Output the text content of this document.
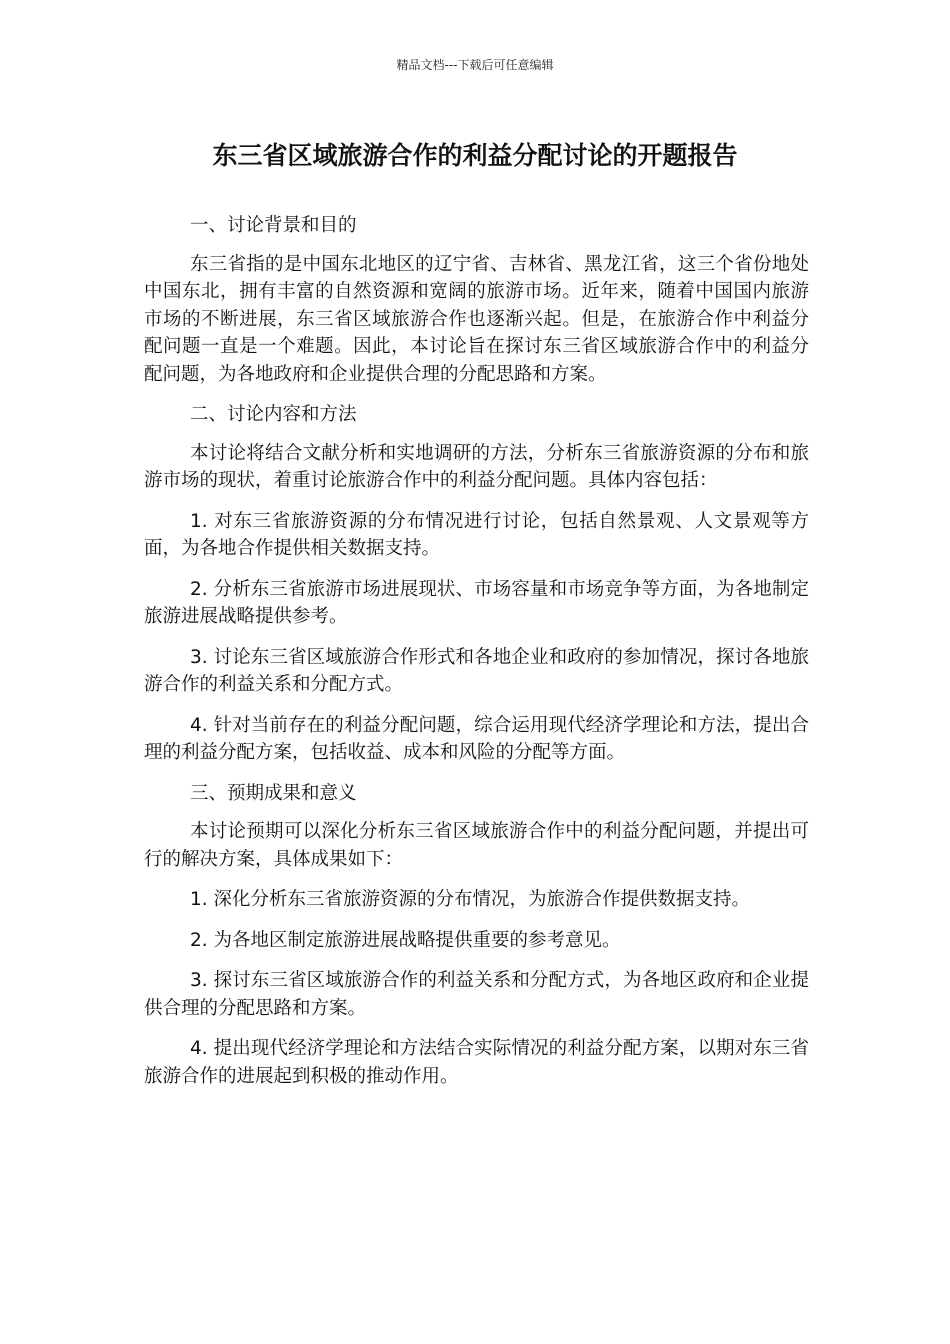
精品文档---下载后可任意编辑
东三省区域旅游合作的利益分配讨论的开题报告

一、讨论背景和目的

东三省指的是中国东北地区的辽宁省、吉林省、黑龙江省，这三个省份地处中国东北，拥有丰富的自然资源和宽阔的旅游市场。近年来，随着中国国内旅游市场的不断进展，东三省区域旅游合作也逐渐兴起。但是，在旅游合作中利益分配问题一直是一个难题。因此，本讨论旨在探讨东三省区域旅游合作中的利益分配问题，为各地政府和企业提供合理的分配思路和方案。

二、讨论内容和方法

本讨论将结合文献分析和实地调研的方法，分析东三省旅游资源的分布和旅游市场的现状，着重讨论旅游合作中的利益分配问题。具体内容包括：

1. 对东三省旅游资源的分布情况进行讨论，包括自然景观、人文景观等方面，为各地合作提供相关数据支持。

2. 分析东三省旅游市场进展现状、市场容量和市场竞争等方面，为各地制定旅游进展战略提供参考。

3. 讨论东三省区域旅游合作形式和各地企业和政府的参加情况，探讨各地旅游合作的利益关系和分配方式。

4. 针对当前存在的利益分配问题，综合运用现代经济学理论和方法，提出合理的利益分配方案，包括收益、成本和风险的分配等方面。

三、预期成果和意义

本讨论预期可以深化分析东三省区域旅游合作中的利益分配问题，并提出可行的解决方案，具体成果如下：

1. 深化分析东三省旅游资源的分布情况，为旅游合作提供数据支持。

2. 为各地区制定旅游进展战略提供重要的参考意见。

3. 探讨东三省区域旅游合作的利益关系和分配方式，为各地区政府和企业提供合理的分配思路和方案。

4. 提出现代经济学理论和方法结合实际情况的利益分配方案，以期对东三省旅游合作的进展起到积极的推动作用。
